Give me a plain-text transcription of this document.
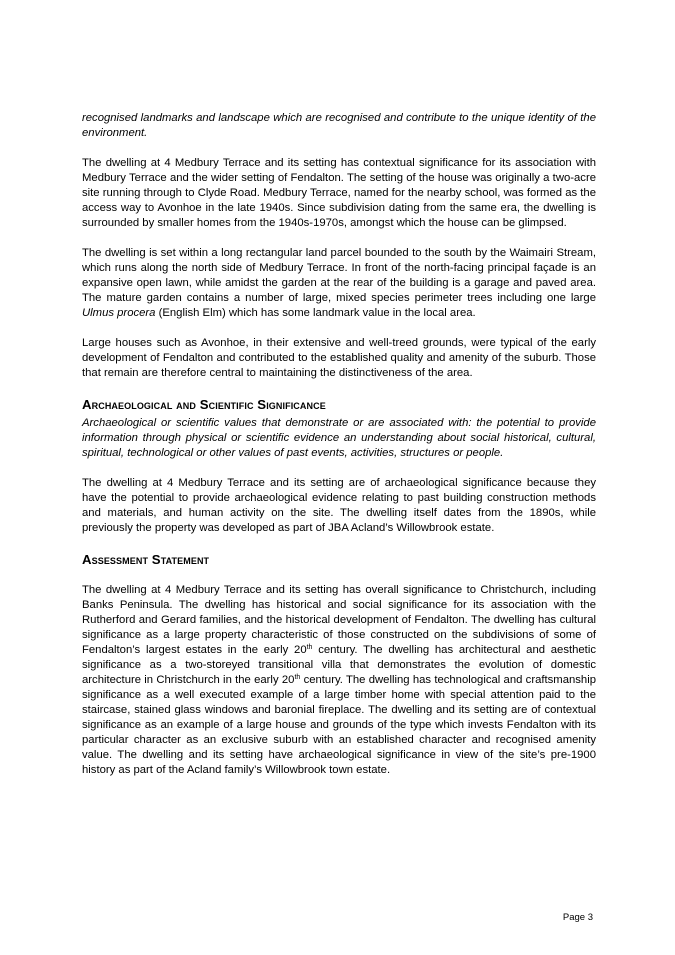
recognised landmarks and landscape which are recognised and contribute to the unique identity of the environment.

The dwelling at 4 Medbury Terrace and its setting has contextual significance for its association with Medbury Terrace and the wider setting of Fendalton. The setting of the house was originally a two-acre site running through to Clyde Road. Medbury Terrace, named for the nearby school, was formed as the access way to Avonhoe in the late 1940s. Since subdivision dating from the same era, the dwelling is surrounded by smaller homes from the 1940s-1970s, amongst which the house can be glimpsed.

The dwelling is set within a long rectangular land parcel bounded to the south by the Waimairi Stream, which runs along the north side of Medbury Terrace. In front of the north-facing principal façade is an expansive open lawn, while amidst the garden at the rear of the building is a garage and paved area. The mature garden contains a number of large, mixed species perimeter trees including one large Ulmus procera (English Elm) which has some landmark value in the local area.

Large houses such as Avonhoe, in their extensive and well-treed grounds, were typical of the early development of Fendalton and contributed to the established quality and amenity of the suburb. Those that remain are therefore central to maintaining the distinctiveness of the area.

Archaeological and Scientific Significance

Archaeological or scientific values that demonstrate or are associated with: the potential to provide information through physical or scientific evidence an understanding about social historical, cultural, spiritual, technological or other values of past events, activities, structures or people.

The dwelling at 4 Medbury Terrace and its setting are of archaeological significance because they have the potential to provide archaeological evidence relating to past building construction methods and materials, and human activity on the site. The dwelling itself dates from the 1890s, while previously the property was developed as part of JBA Acland’s Willowbrook estate.

Assessment Statement

The dwelling at 4 Medbury Terrace and its setting has overall significance to Christchurch, including Banks Peninsula. The dwelling has historical and social significance for its association with the Rutherford and Gerard families, and the historical development of Fendalton. The dwelling has cultural significance as a large property characteristic of those constructed on the subdivisions of some of Fendalton’s largest estates in the early 20th century. The dwelling has architectural and aesthetic significance as a two-storeyed transitional villa that demonstrates the evolution of domestic architecture in Christchurch in the early 20th century. The dwelling has technological and craftsmanship significance as a well executed example of a large timber home with special attention paid to the staircase, stained glass windows and baronial fireplace. The dwelling and its setting are of contextual significance as an example of a large house and grounds of the type which invests Fendalton with its particular character as an exclusive suburb with an established character and recognised amenity value. The dwelling and its setting have archaeological significance in view of the site’s pre-1900 history as part of the Acland family’s Willowbrook town estate.

Page 3
